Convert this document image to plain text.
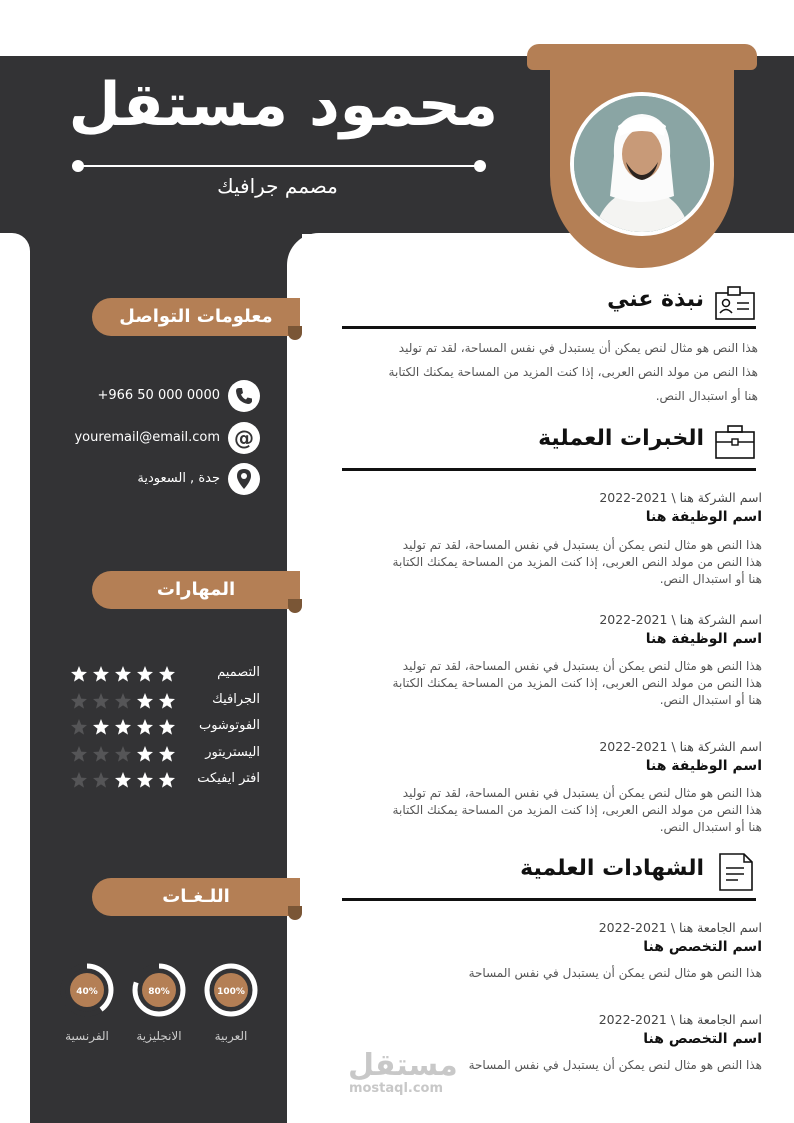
محمود مستقل
مصمم جرافيك
معلومات التواصل
+966 50 000 0000
@
youremail@email.com
جدة , السعودية
المهارات
التصميم
الجرافيك
الفوتوشوب
اليستريتور
افتر ايفيكت
اللـغـات
100%
العربية
80%
الانجليزية
40%
الفرنسية
نبذة عني
هذا النص هو مثال لنص يمكن أن يستبدل في نفس المساحة، لقد تم توليد
هذا النص من مولد النص العربى، إذا كنت المزيد من المساحة يمكنك الكتابة
هنا أو استبدال النص.
الخبرات العملية
اسم الشركة هنا \ 2021-2022
اسم الوظيفة هنا
هذا النص هو مثال لنص يمكن أن يستبدل في نفس المساحة، لقد تم توليد
هذا النص من مولد النص العربى، إذا كنت المزيد من المساحة يمكنك الكتابة
هنا أو استبدال النص.
اسم الشركة هنا \ 2021-2022
اسم الوظيفة هنا
هذا النص هو مثال لنص يمكن أن يستبدل في نفس المساحة، لقد تم توليد
هذا النص من مولد النص العربى، إذا كنت المزيد من المساحة يمكنك الكتابة
هنا أو استبدال النص.
اسم الشركة هنا \ 2021-2022
اسم الوظيفة هنا
هذا النص هو مثال لنص يمكن أن يستبدل في نفس المساحة، لقد تم توليد
هذا النص من مولد النص العربى، إذا كنت المزيد من المساحة يمكنك الكتابة
هنا أو استبدال النص.
الشهادات العلمية
اسم الجامعة هنا \ 2021-2022
اسم التخصص هنا
هذا النص هو مثال لنص يمكن أن يستبدل في نفس المساحة
اسم الجامعة هنا \ 2021-2022
اسم التخصص هنا
هذا النص هو مثال لنص يمكن أن يستبدل في نفس المساحة
مستقل
mostaql.com
